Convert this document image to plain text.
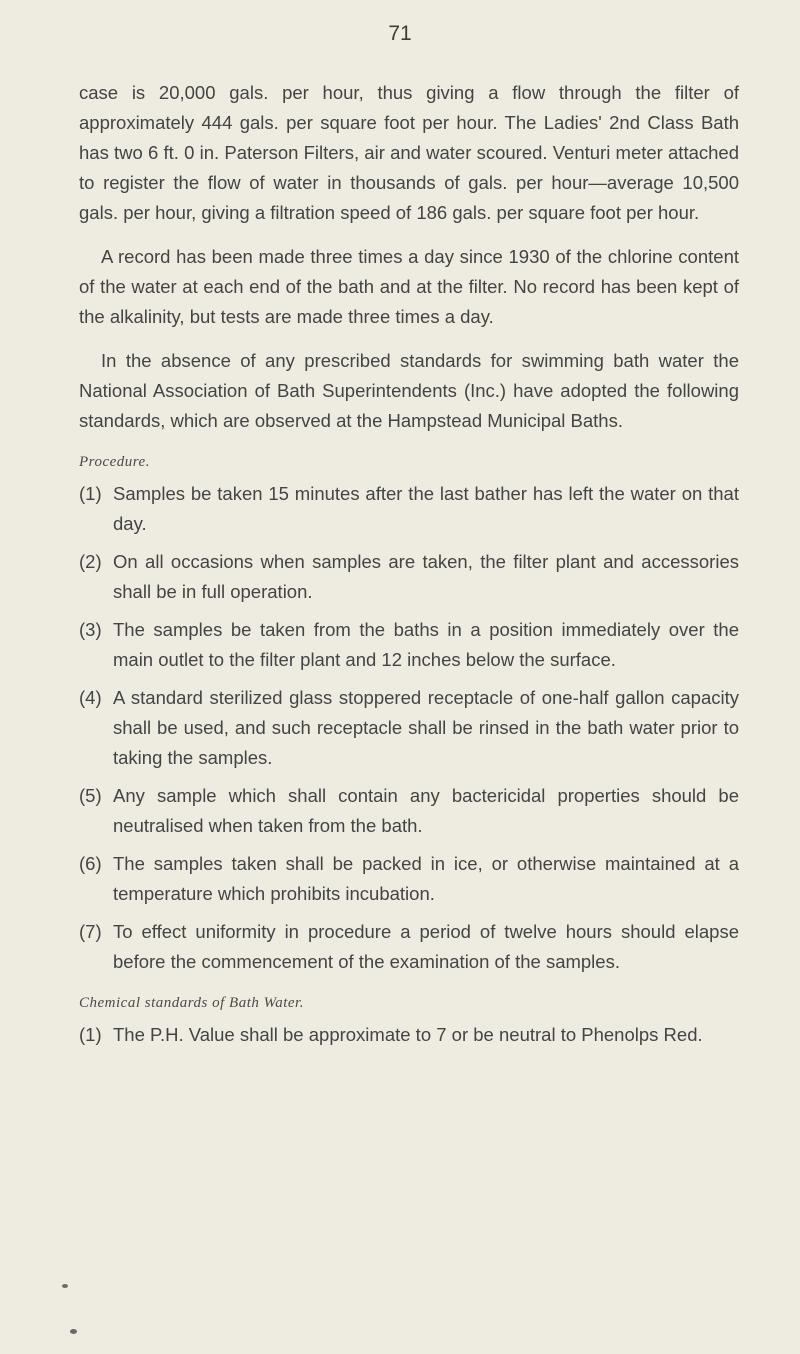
71

case is 20,000 gals. per hour, thus giving a flow through the filter of approximately 444 gals. per square foot per hour. The Ladies' 2nd Class Bath has two 6 ft. 0 in. Paterson Filters, air and water scoured. Venturi meter attached to register the flow of water in thousands of gals. per hour—average 10,500 gals. per hour, giving a filtration speed of 186 gals. per square foot per hour.

A record has been made three times a day since 1930 of the chlorine content of the water at each end of the bath and at the filter. No record has been kept of the alkalinity, but tests are made three times a day.

In the absence of any prescribed standards for swimming bath water the National Association of Bath Superintendents (Inc.) have adopted the following standards, which are observed at the Hampstead Municipal Baths.

Procedure.
(1) Samples be taken 15 minutes after the last bather has left the water on that day.
(2) On all occasions when samples are taken, the filter plant and accessories shall be in full operation.
(3) The samples be taken from the baths in a position immediately over the main outlet to the filter plant and 12 inches below the surface.
(4) A standard sterilized glass stoppered receptacle of one-half gallon capacity shall be used, and such receptacle shall be rinsed in the bath water prior to taking the samples.
(5) Any sample which shall contain any bactericidal properties should be neutralised when taken from the bath.
(6) The samples taken shall be packed in ice, or otherwise maintained at a temperature which prohibits incubation.
(7) To effect uniformity in procedure a period of twelve hours should elapse before the commencement of the examination of the samples.
Chemical standards of Bath Water.
(1) The P.H. Value shall be approximate to 7 or be neutral to Phenolps Red.
